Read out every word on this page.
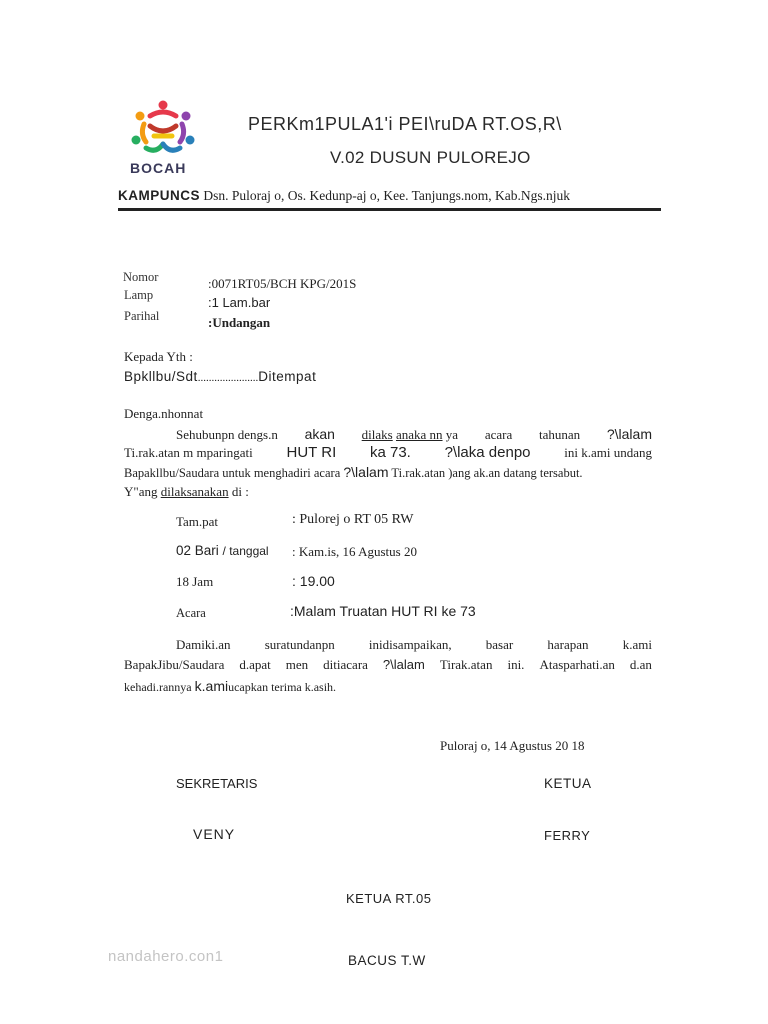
BOCAH
PERKm1PULA1'i PEI\ruDA RT.OS,R\
V.02 DUSUN PULOREJO
KAMPUNCS Dsn. Puloraj o, Os. Kedunp-aj o, Kee. Tanjungs.nom, Kab.Ngs.njuk
Nomor	:0071RT05/BCH KPG/201S
Lamp	:1 Lam.bar
Parihal	:Undangan
Kepada Yth :
Bpkllbu/Sdt......................Ditempat
Denga.nhonnat
Sehubunpn dengs.n akan dilaks anaka nn ya acara tahunan ?\lalam
Ti.rak.atan m mparingati HUT RI ka 73. ?\laka denpo	ini k.ami undang
Bapakllbu/Saudara untuk menghadiri acara ?\lalam Ti.rak.atan )ang ak.an datang tersabut.
Y"ang dilaksanakan di :
Tam.pat	: Pulorej o RT 05 RW
02 Bari / tanggal : Kam.is, 16 Agustus 20
18 Jam	: 19.00
Acara	:Malam Truatan HUT RI ke 73
Damiki.an	suratundanpn	inidisampaikan,	basar	harapan	k.ami
BapakJibu/Saudara d.apat men ditiacara ?\lalam Tirak.atan ini. Atasparhati.an d.an
kehadi.rannya k.amiucapkan terima k.asih.
Puloraj o, 14 Agustus 20 18
SEKRETARIS	KETUA
VENY	FERRY
KETUA RT.05
BACUS T.W
nandahero.con1
